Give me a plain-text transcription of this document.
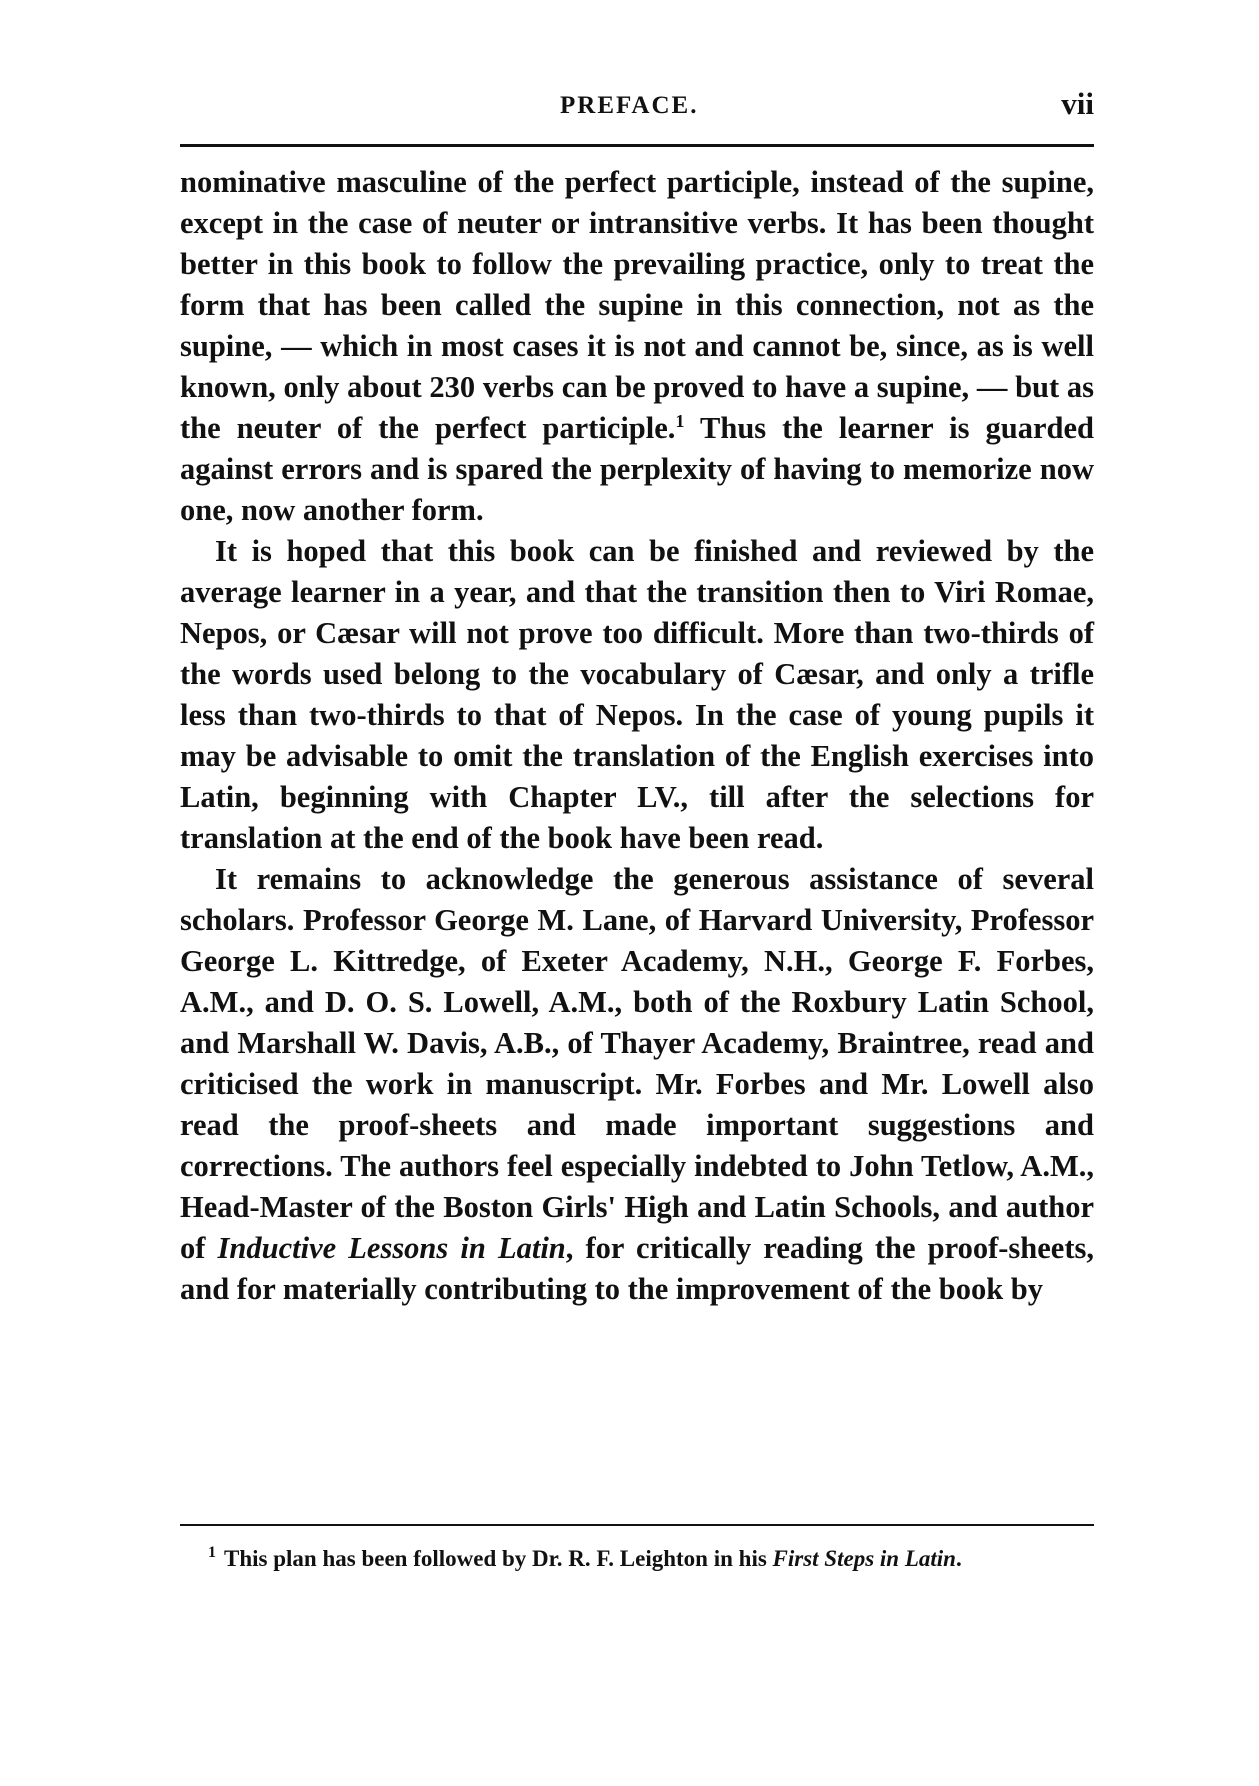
PREFACE.	vii

nominative masculine of the perfect participle, instead of the supine, except in the case of neuter or intransitive verbs. It has been thought better in this book to follow the prevailing practice, only to treat the form that has been called the supine in this connection, not as the supine, — which in most cases it is not and cannot be, since, as is well known, only about 230 verbs can be proved to have a supine, — but as the neuter of the perfect participle.$^1$ Thus the learner is guarded against errors and is spared the perplexity of having to memorize now one, now another form.

It is hoped that this book can be finished and reviewed by the average learner in a year, and that the transition then to Viri Romae, Nepos, or Cæsar will not prove too difficult. More than two-thirds of the words used belong to the vocabulary of Cæsar, and only a trifle less than two-thirds to that of Nepos. In the case of young pupils it may be advisable to omit the translation of the English exercises into Latin, beginning with Chapter LV., till after the selections for translation at the end of the book have been read.

It remains to acknowledge the generous assistance of several scholars. Professor George M. Lane, of Harvard University, Professor George L. Kittredge, of Exeter Academy, N.H., George F. Forbes, A.M., and D. O. S. Lowell, A.M., both of the Roxbury Latin School, and Marshall W. Davis, A.B., of Thayer Academy, Braintree, read and criticised the work in manuscript. Mr. Forbes and Mr. Lowell also read the proof-sheets and made important suggestions and corrections. The authors feel especially indebted to John Tetlow, A.M., Head-Master of the Boston Girls' High and Latin Schools, and author of Inductive Lessons in Latin, for critically reading the proof-sheets, and for materially contributing to the improvement of the book by

$^1$ This plan has been followed by Dr. R. F. Leighton in his First Steps in Latin.
